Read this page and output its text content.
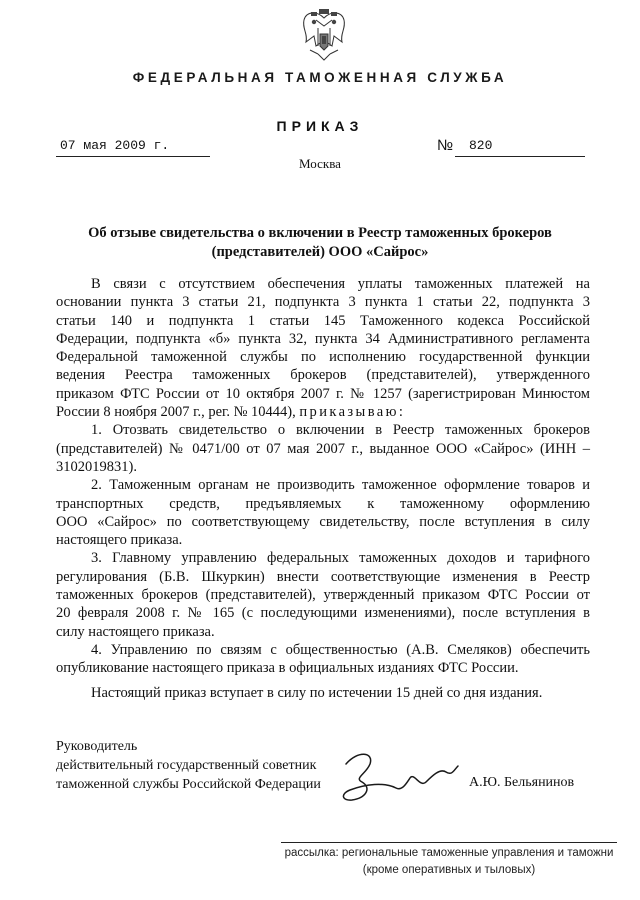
ФЕДЕРАЛЬНАЯ ТАМОЖЕННАЯ СЛУЖБА
ПРИКАЗ
07 мая 2009 г.	№ 820
Москва
Об отзыве свидетельства о включении в Реестр таможенных брокеров
(представителей) ООО «Сайрос»
В связи с отсутствием обеспечения уплаты таможенных платежей на
основании пункта 3 статьи 21, подпункта 3 пункта 1 статьи 22, подпункта 3
статьи 140 и подпункта 1 статьи 145 Таможенного кодекса Российской
Федерации, подпункта «б» пункта 32, пункта 34 Административного регламента
Федеральной таможенной службы по исполнению государственной функции
ведения Реестра таможенных брокеров (представителей), утвержденного
приказом ФТС России от 10 октября 2007 г. № 1257 (зарегистрирован Минюстом
России 8 ноября 2007 г., рег. № 10444), приказываю:
1. Отозвать свидетельство о включении в Реестр таможенных брокеров
(представителей) № 0471/00 от 07 мая 2007 г., выданное ООО «Сайрос» (ИНН –
3102019831).
2. Таможенным органам не производить таможенное оформление товаров и
транспортных средств, предъявляемых к таможенному оформлению
ООО «Сайрос» по соответствующему свидетельству, после вступления в силу
настоящего приказа.
3. Главному управлению федеральных таможенных доходов и тарифного
регулирования (Б.В. Шкуркин) внести соответствующие изменения в Реестр
таможенных брокеров (представителей), утвержденный приказом ФТС России от
20 февраля 2008 г. № 165 (с последующими изменениями), после вступления в
силу настоящего приказа.
4. Управлению по связям с общественностью (А.В. Смеляков) обеспечить
опубликование настоящего приказа в официальных изданиях ФТС России.
Настоящий приказ вступает в силу по истечении 15 дней со дня издания.
Руководитель
действительный государственный советник
таможенной службы Российской Федерации	А.Ю. Бельянинов
рассылка: региональные таможенные управления и таможни
(кроме оперативных и тыловых)
